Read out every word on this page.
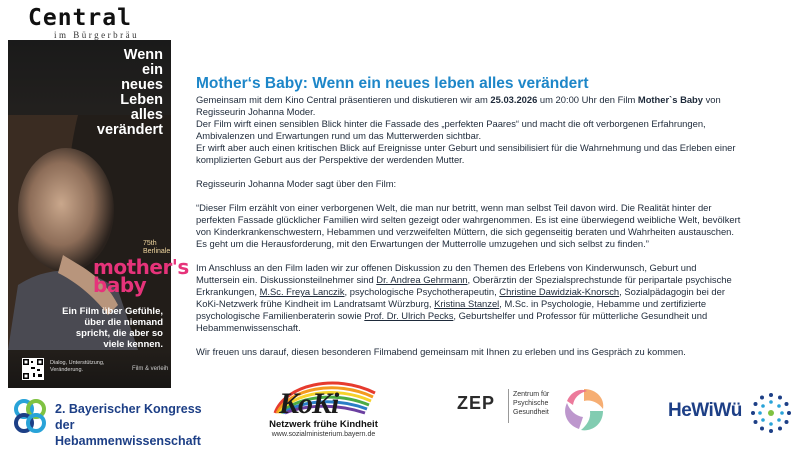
Central
im Bürgerbräu
Wenn
ein
neues
Leben
alles
verändert
75th
Berlinale
mother's
baby
Ein Film über Gefühle,
über die niemand
spricht, die aber so
viele kennen.
Dialog, Unterstützung,
Veränderung.	Film & verleih
Mother‘s Baby: Wenn ein neues leben alles verändert

Gemeinsam mit dem Kino Central präsentieren und diskutieren wir am 25.03.2026 um 20:00 Uhr den Film Mother`s Baby von
Regisseurin Johanna Moder.
Der Film wirft einen sensiblen Blick hinter die Fassade des „perfekten Paares“ und macht die oft verborgenen Erfahrungen,
Ambivalenzen und Erwartungen rund um das Mutterwerden sichtbar.
Er wirft aber auch einen kritischen Blick auf Ereignisse unter Geburt und sensibilisiert für die Wahrnehmung und das Erleben einer
komplizierten Geburt aus der Perspektive der werdenden Mutter.

Regisseurin Johanna Moder sagt über den Film:

“Dieser Film erzählt von einer verborgenen Welt, die man nur betritt, wenn man selbst Teil davon wird. Die Realität hinter der
perfekten Fassade glücklicher Familien wird selten gezeigt oder wahrgenommen. Es ist eine überwiegend weibliche Welt, bevölkert
von Kinderkrankenschwestern, Hebammen und verzweifelten Müttern, die sich gegenseitig beraten und Wahrheiten austauschen.
Es geht um die Herausforderung, mit den Erwartungen der Mutterrolle umzugehen und sich selbst zu finden.”

Im Anschluss an den Film laden wir zur offenen Diskussion zu den Themen des Erlebens von Kinderwunsch, Geburt und
Muttersein ein. Diskussionsteilnehmer sind Dr. Andrea Gehrmann, Oberärztin der Spezialsprechstunde für peripartale psychische
Erkrankungen, M.Sc. Freya Lanczik, psychologische Psychotherapeutin, Christine Dawidziak-Knorsch, Sozialpädagogin bei der
KoKi-Netzwerk frühe Kindheit im Landratsamt Würzburg, Kristina Stanzel, M.Sc. in Psychologie, Hebamme und zertifizierte
psychologische Familienberaterin sowie Prof. Dr. Ulrich Pecks, Geburtshelfer und Professor für mütterliche Gesundheit und
Hebammenwissenschaft.

Wir freuen uns darauf, diesen besonderen Filmabend gemeinsam mit Ihnen zu erleben und ins Gespräch zu kommen.

2. Bayerischer Kongress
der Hebammenwissenschaft
KoKi
Netzwerk frühe Kindheit
www.sozialministerium.bayern.de
ZEP	Zentrum für
Psychische
Gesundheit	HeWiWü
